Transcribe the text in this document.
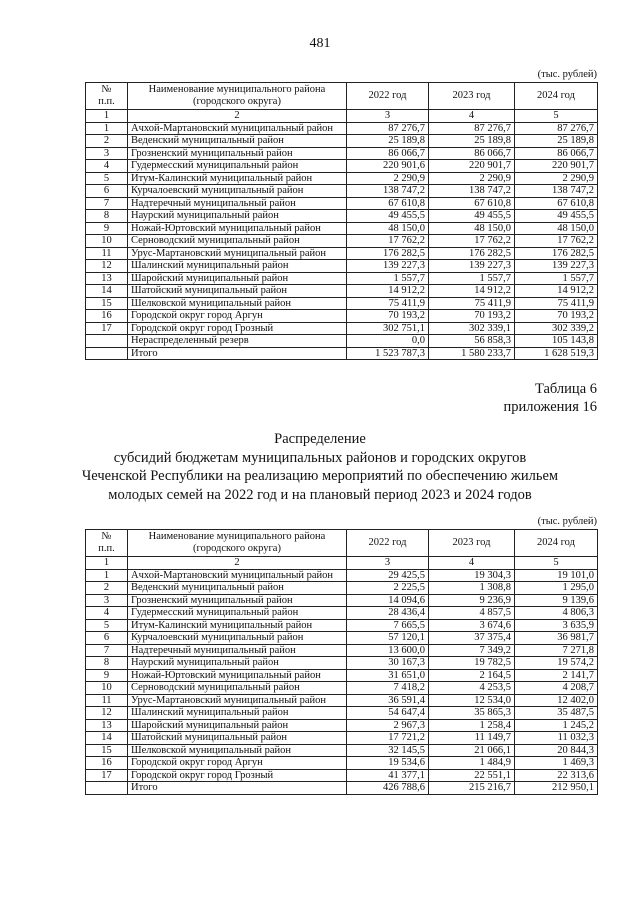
481
(тыс. рублей)
№
п.п.	Наименование муниципального района
(городского округа)	2022 год	2023 год	2024 год
1	2	3	4	5
1	Ачхой-Мартановский муниципальный район	87 276,7	87 276,7	87 276,7
2	Веденский муниципальный район	25 189,8	25 189,8	25 189,8
3	Грозненский муниципальный район	86 066,7	86 066,7	86 066,7
4	Гудермесский муниципальный район	220 901,6	220 901,7	220 901,7
5	Итум-Калинский муниципальный район	2 290,9	2 290,9	2 290,9
6	Курчалоевский муниципальный район	138 747,2	138 747,2	138 747,2
7	Надтеречный муниципальный район	67 610,8	67 610,8	67 610,8
8	Наурский муниципальный район	49 455,5	49 455,5	49 455,5
9	Ножай-Юртовский муниципальный район	48 150,0	48 150,0	48 150,0
10	Серноводский муниципальный район	17 762,2	17 762,2	17 762,2
11	Урус-Мартановский муниципальный район	176 282,5	176 282,5	176 282,5
12	Шалинский муниципальный район	139 227,3	139 227,3	139 227,3
13	Шаройский муниципальный район	1 557,7	1 557,7	1 557,7
14	Шатойский муниципальный район	14 912,2	14 912,2	14 912,2
15	Шелковской муниципальный район	75 411,9	75 411,9	75 411,9
16	Городской округ город Аргун	70 193,2	70 193,2	70 193,2
17	Городской округ город Грозный	302 751,1	302 339,1	302 339,2
	Нераспределенный резерв	0,0	56 858,3	105 143,8
	Итого	1 523 787,3	1 580 233,7	1 628 519,3
Таблица 6
приложения 16
Распределение
субсидий бюджетам муниципальных районов и городских округов
Чеченской Республики на реализацию мероприятий по обеспечению жильем
молодых семей на 2022 год и на плановый период 2023 и 2024 годов
(тыс. рублей)
№
п.п.	Наименование муниципального района
(городского округа)	2022 год	2023 год	2024 год
1	2	3	4	5
1	Ачхой-Мартановский муниципальный район	29 425,5	19 304,3	19 101,0
2	Веденский муниципальный район	2 225,5	1 308,8	1 295,0
3	Грозненский муниципальный район	14 094,6	9 236,9	9 139,6
4	Гудермесский муниципальный район	28 436,4	4 857,5	4 806,3
5	Итум-Калинский муниципальный район	7 665,5	3 674,6	3 635,9
6	Курчалоевский муниципальный район	57 120,1	37 375,4	36 981,7
7	Надтеречный муниципальный район	13 600,0	7 349,2	7 271,8
8	Наурский муниципальный район	30 167,3	19 782,5	19 574,2
9	Ножай-Юртовский муниципальный район	31 651,0	2 164,5	2 141,7
10	Серноводский муниципальный район	7 418,2	4 253,5	4 208,7
11	Урус-Мартановский муниципальный район	36 591,4	12 534,0	12 402,0
12	Шалинский муниципальный район	54 647,4	35 865,3	35 487,5
13	Шаройский муниципальный район	2 967,3	1 258,4	1 245,2
14	Шатойский муниципальный район	17 721,2	11 149,7	11 032,3
15	Шелковской муниципальный район	32 145,5	21 066,1	20 844,3
16	Городской округ город Аргун	19 534,6	1 484,9	1 469,3
17	Городской округ город Грозный	41 377,1	22 551,1	22 313,6
	Итого	426 788,6	215 216,7	212 950,1
